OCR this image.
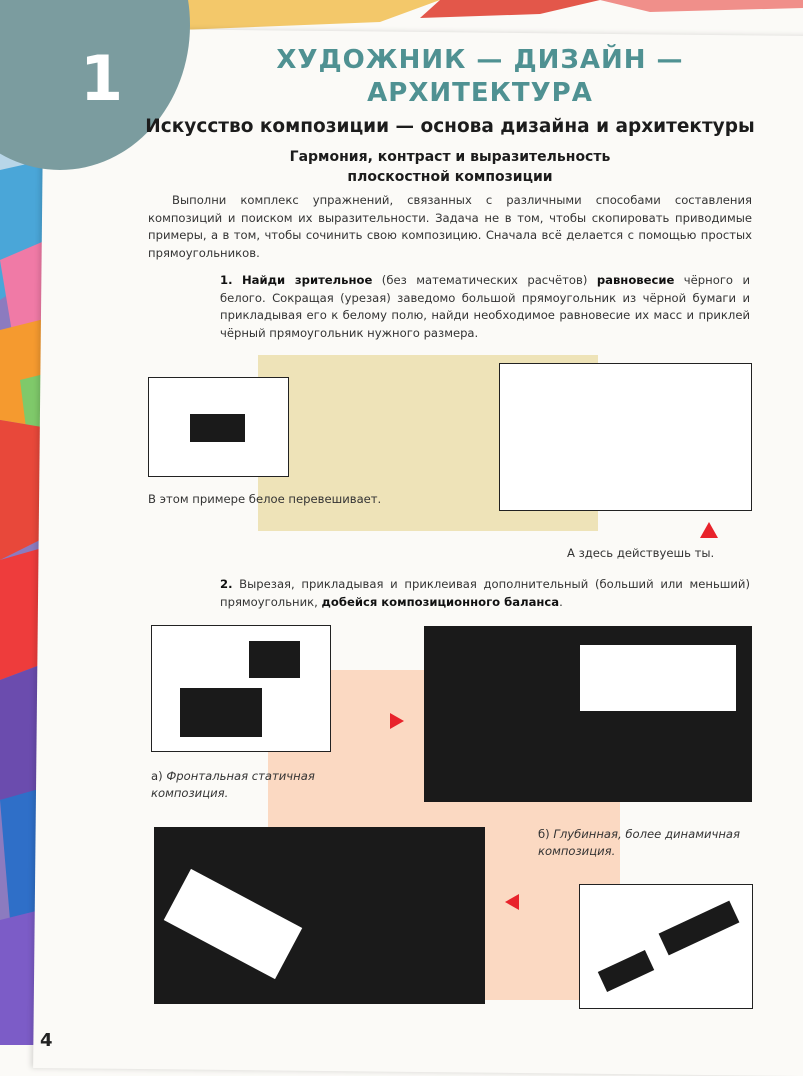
1	ХУДОЖНИК — ДИЗАЙН —
АРХИТЕКТУРА
Искусство композиции — основа дизайна и архитектуры
Гармония, контраст и выразительность
плоскостной композиции
Выполни комплекс упражнений, связанных с различными способами составления композиций и поиском их выразительности. Задача не в том, чтобы скопировать приводимые примеры, а в том, чтобы сочинить свою композицию. Сначала всё делается с помощью простых прямоугольников.
1. Найди зрительное (без математических расчётов) равновесие чёрного и белого. Сокращая (урезая) заведомо большой прямоугольник из чёрной бумаги и прикладывая его к белому полю, найди необходимое равновесие их масс и приклей чёрный прямоугольник нужного размера.
В этом примере белое перевешивает.
А здесь действуешь ты.
2. Вырезая, прикладывая и приклеивая дополнительный (больший или меньший) прямоугольник, добейся композиционного баланса.
а) Фронтальная статичная композиция.
б) Глубинная, более динамичная композиция.
4
